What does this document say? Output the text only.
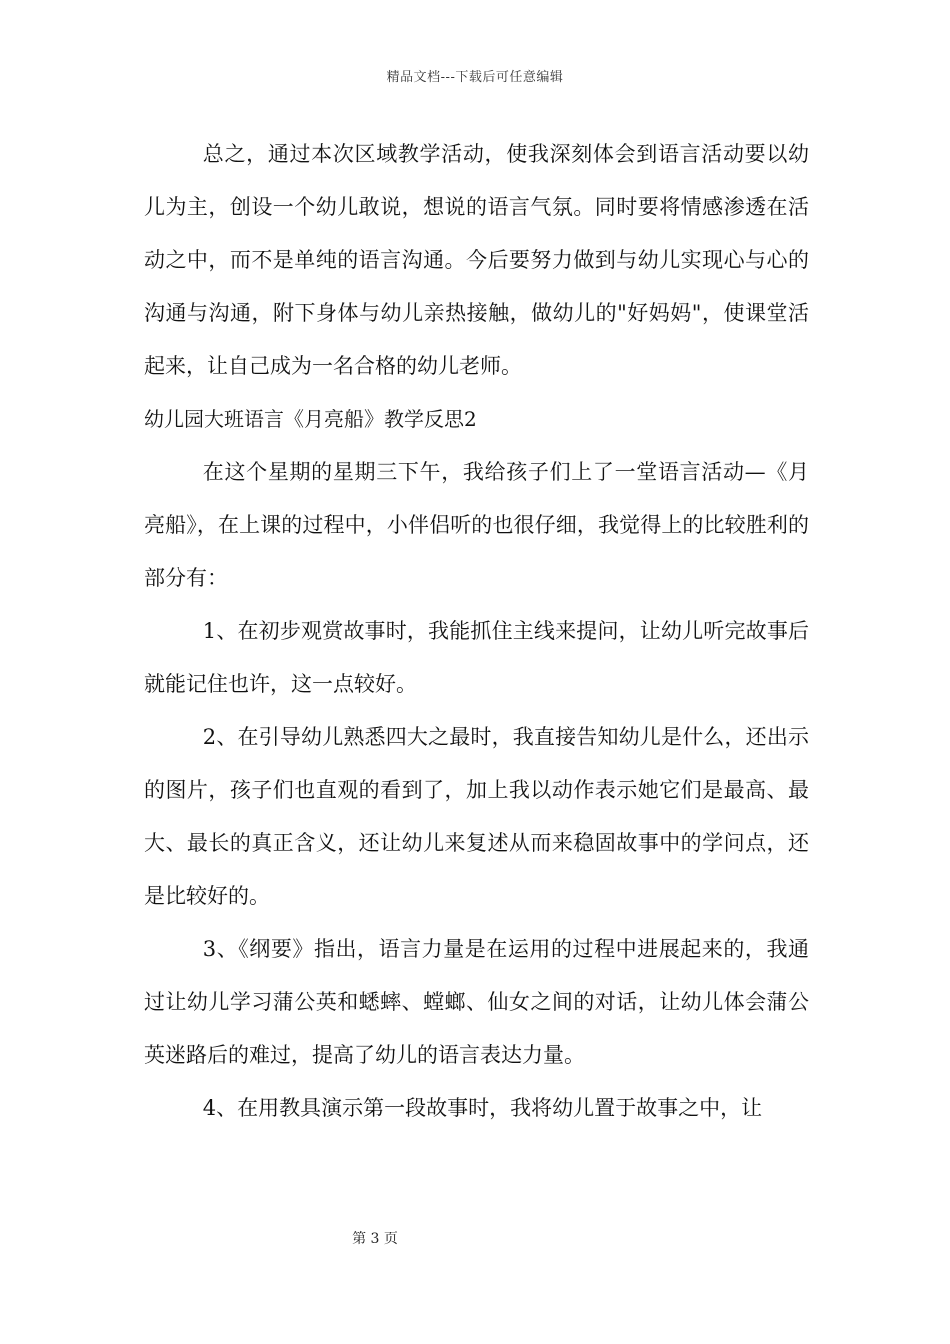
精品文档---下载后可任意编辑

总之，通过本次区域教学活动，使我深刻体会到语言活动要以幼儿为主，创设一个幼儿敢说，想说的语言气氛。同时要将情感渗透在活动之中，而不是单纯的语言沟通。今后要努力做到与幼儿实现心与心的沟通与沟通，附下身体与幼儿亲热接触，做幼儿的"好妈妈"，使课堂活起来，让自己成为一名合格的幼儿老师。

幼儿园大班语言《月亮船》教学反思2

在这个星期的星期三下午，我给孩子们上了一堂语言活动—《月亮船》，在上课的过程中，小伴侣听的也很仔细，我觉得上的比较胜利的部分有：

1、在初步观赏故事时，我能抓住主线来提问，让幼儿听完故事后就能记住也许，这一点较好。

2、在引导幼儿熟悉四大之最时，我直接告知幼儿是什么，还出示的图片，孩子们也直观的看到了，加上我以动作表示她它们是最高、最大、最长的真正含义，还让幼儿来复述从而来稳固故事中的学问点，还是比较好的。

3、《纲要》指出，语言力量是在运用的过程中进展起来的，我通过让幼儿学习蒲公英和蟋蟀、螳螂、仙女之间的对话，让幼儿体会蒲公英迷路后的难过，提高了幼儿的语言表达力量。

4、在用教具演示第一段故事时，我将幼儿置于故事之中，让

第 3 页
